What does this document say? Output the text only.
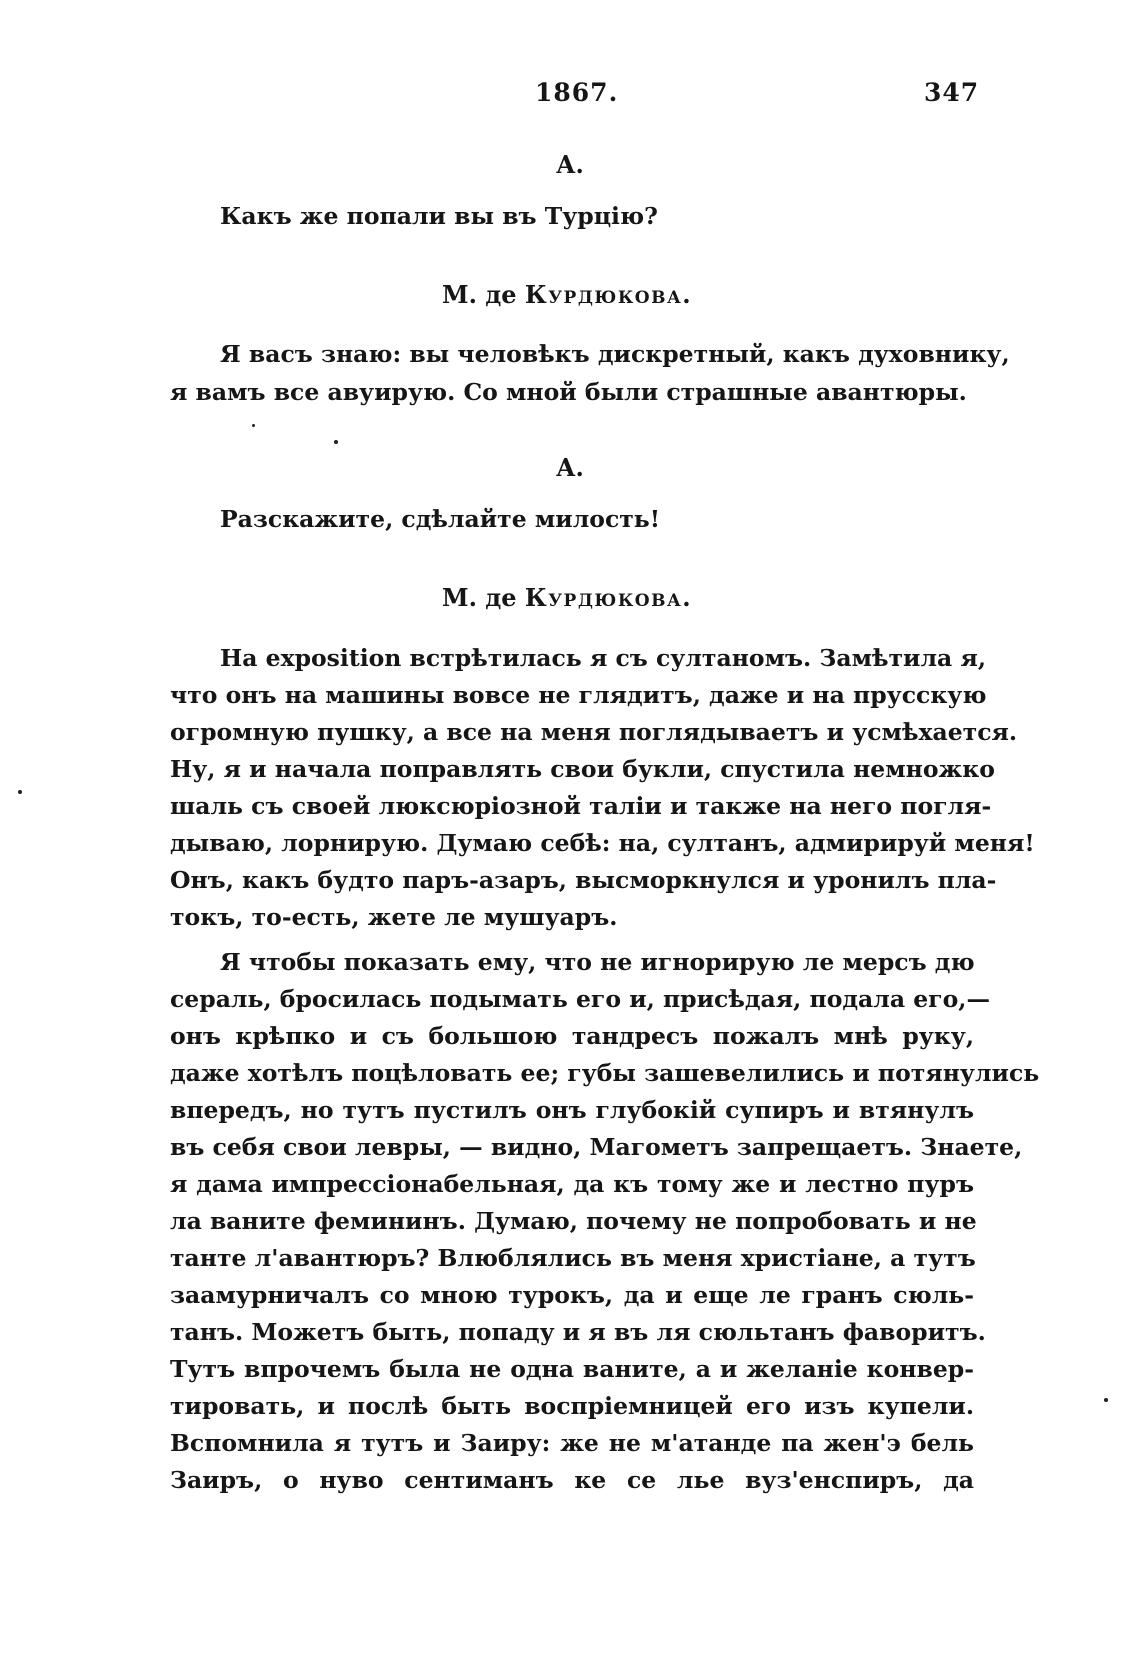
1867.	347
А.
Какъ же попали вы въ Турцію?
М. де Курдюкова.
Я васъ знаю: вы человѣкъ дискретный, какъ духовнику,
я вамъ все авуирую. Со мной были страшные авантюры.
А.
Разскажите, сдѣлайте милость!
М. де Курдюкова.
На exposition встрѣтилась я съ султаномъ. Замѣтила я,
что онъ на машины вовсе не глядитъ, даже и на прусскую
огромную пушку, а все на меня поглядываетъ и усмѣхается.
Ну, я и начала поправлять свои букли, спустила немножко
шаль съ своей люксюріозной таліи и также на него погля-
дываю, лорнирую. Думаю себѣ: на, султанъ, адмирируй меня!
Онъ, какъ будто паръ-азаръ, высморкнулся и уронилъ пла-
токъ, то-есть, жете ле мушуаръ.
Я чтобы показать ему, что не игнорирую ле мерсъ дю
сераль, бросилась подымать его и, присѣдая, подала его,—
онъ крѣпко и съ большою тандресъ пожалъ мнѣ руку,
даже хотѣлъ поцѣловать ее; губы зашевелились и потянулись
впередъ, но тутъ пустилъ онъ глубокій супиръ и втянулъ
въ себя свои левры, — видно, Магометъ запрещаетъ. Знаете,
я дама импрессіонабельная, да къ тому же и лестно пуръ
ла ваните фемининъ. Думаю, почему не попробовать и не
танте л'авантюръ? Влюблялись въ меня христіане, а тутъ
заамурничалъ со мною турокъ, да и еще ле гранъ сюль-
танъ. Можетъ быть, попаду и я въ ля сюльтанъ фаворитъ.
Тутъ впрочемъ была не одна ваните, а и желаніе конвер-
тировать, и послѣ быть воспріемницей его изъ купели.
Вспомнила я тутъ и Заиру: же не м'атанде па жен'э бель
Заиръ, о нуво сентиманъ ке се лье вуз'енспиръ, да
